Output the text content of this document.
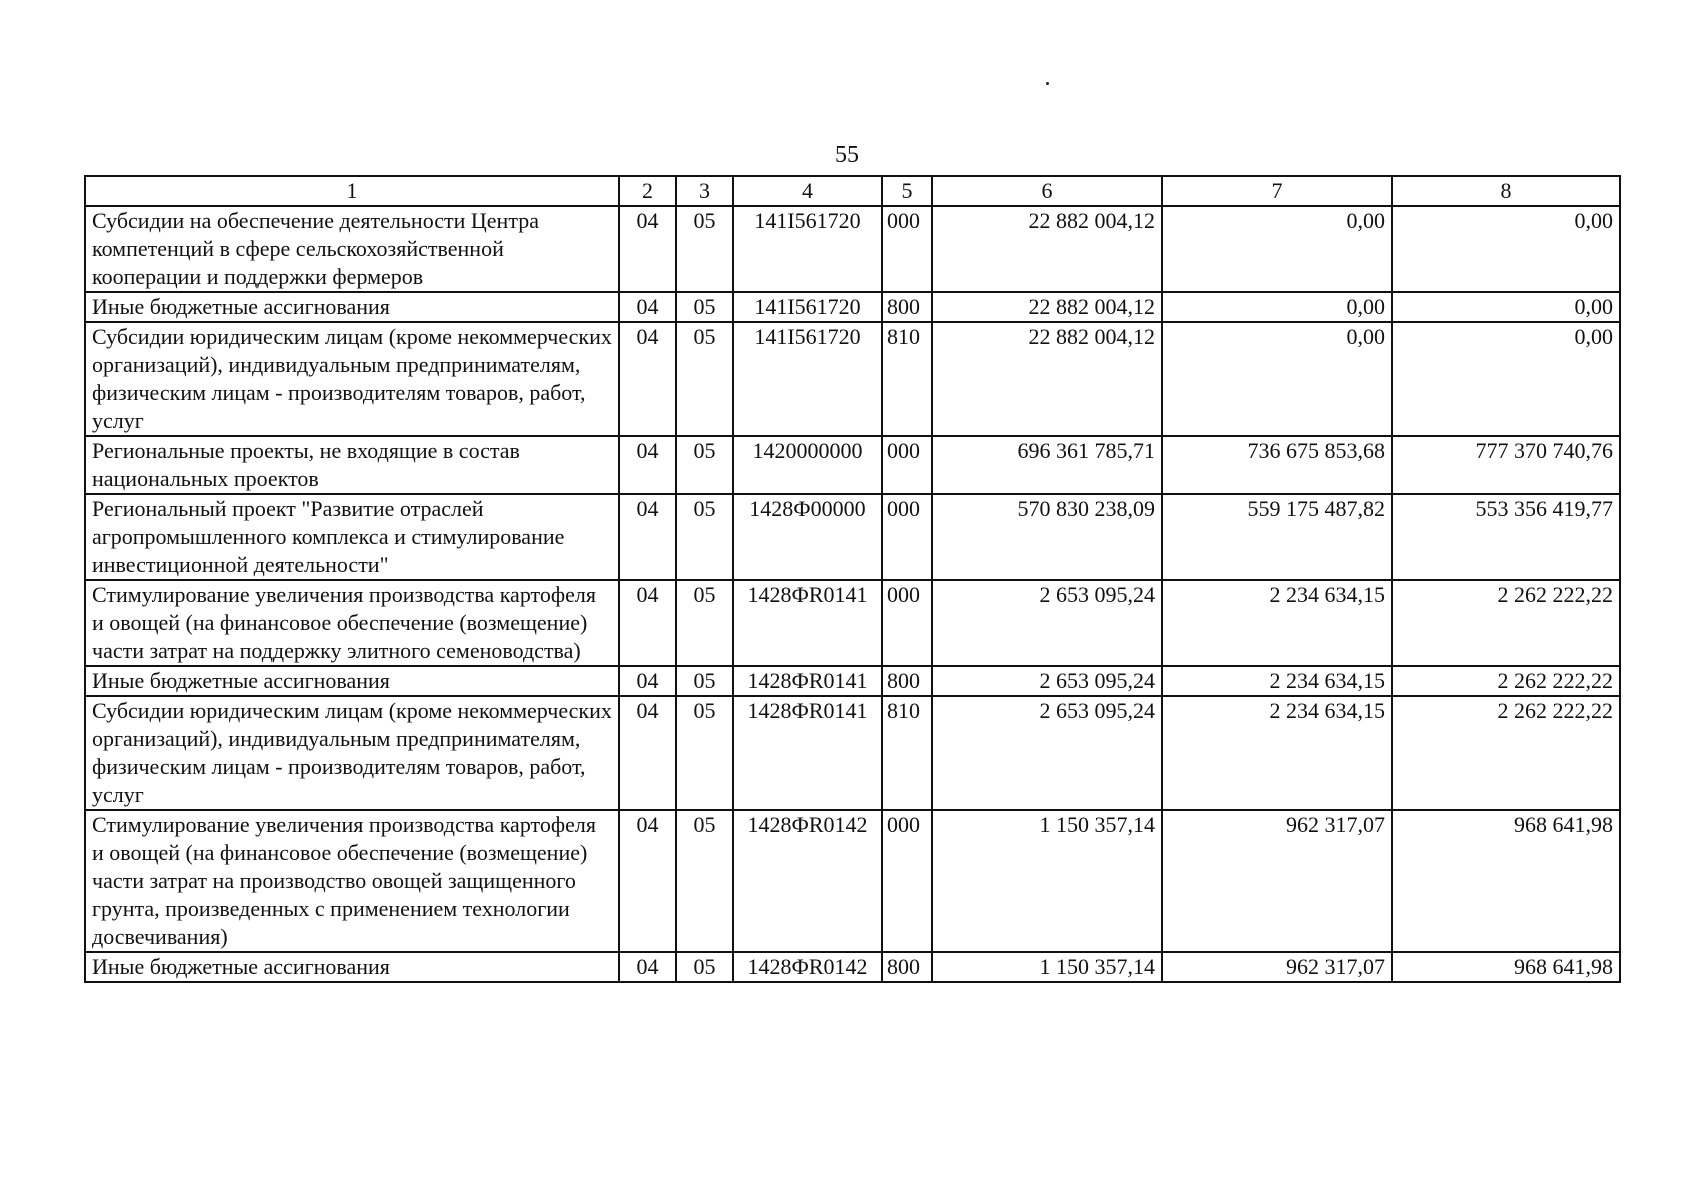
55
1	2	3	4	5	6	7	8
Субсидии на обеспечение деятельности Центра компетенций в сфере сельскохозяйственной кооперации и поддержки фермеров	04	05	141I561720	000	22 882 004,12	0,00	0,00
Иные бюджетные ассигнования	04	05	141I561720	800	22 882 004,12	0,00	0,00
Субсидии юридическим лицам (кроме некоммерческих организаций), индивидуальным предпринимателям, физическим лицам - производителям товаров, работ, услуг	04	05	141I561720	810	22 882 004,12	0,00	0,00
Региональные проекты, не входящие в состав национальных проектов	04	05	1420000000	000	696 361 785,71	736 675 853,68	777 370 740,76
Региональный проект "Развитие отраслей агропромышленного комплекса и стимулирование инвестиционной деятельности"	04	05	1428Ф00000	000	570 830 238,09	559 175 487,82	553 356 419,77
Стимулирование увеличения производства картофеля и овощей (на финансовое обеспечение (возмещение) части затрат на поддержку элитного семеноводства)	04	05	1428ФR0141	000	2 653 095,24	2 234 634,15	2 262 222,22
Иные бюджетные ассигнования	04	05	1428ФR0141	800	2 653 095,24	2 234 634,15	2 262 222,22
Субсидии юридическим лицам (кроме некоммерческих организаций), индивидуальным предпринимателям, физическим лицам - производителям товаров, работ, услуг	04	05	1428ФR0141	810	2 653 095,24	2 234 634,15	2 262 222,22
Стимулирование увеличения производства картофеля и овощей (на финансовое обеспечение (возмещение) части затрат на производство овощей защищенного грунта, произведенных с применением технологии досвечивания)	04	05	1428ФR0142	000	1 150 357,14	962 317,07	968 641,98
Иные бюджетные ассигнования	04	05	1428ФR0142	800	1 150 357,14	962 317,07	968 641,98
